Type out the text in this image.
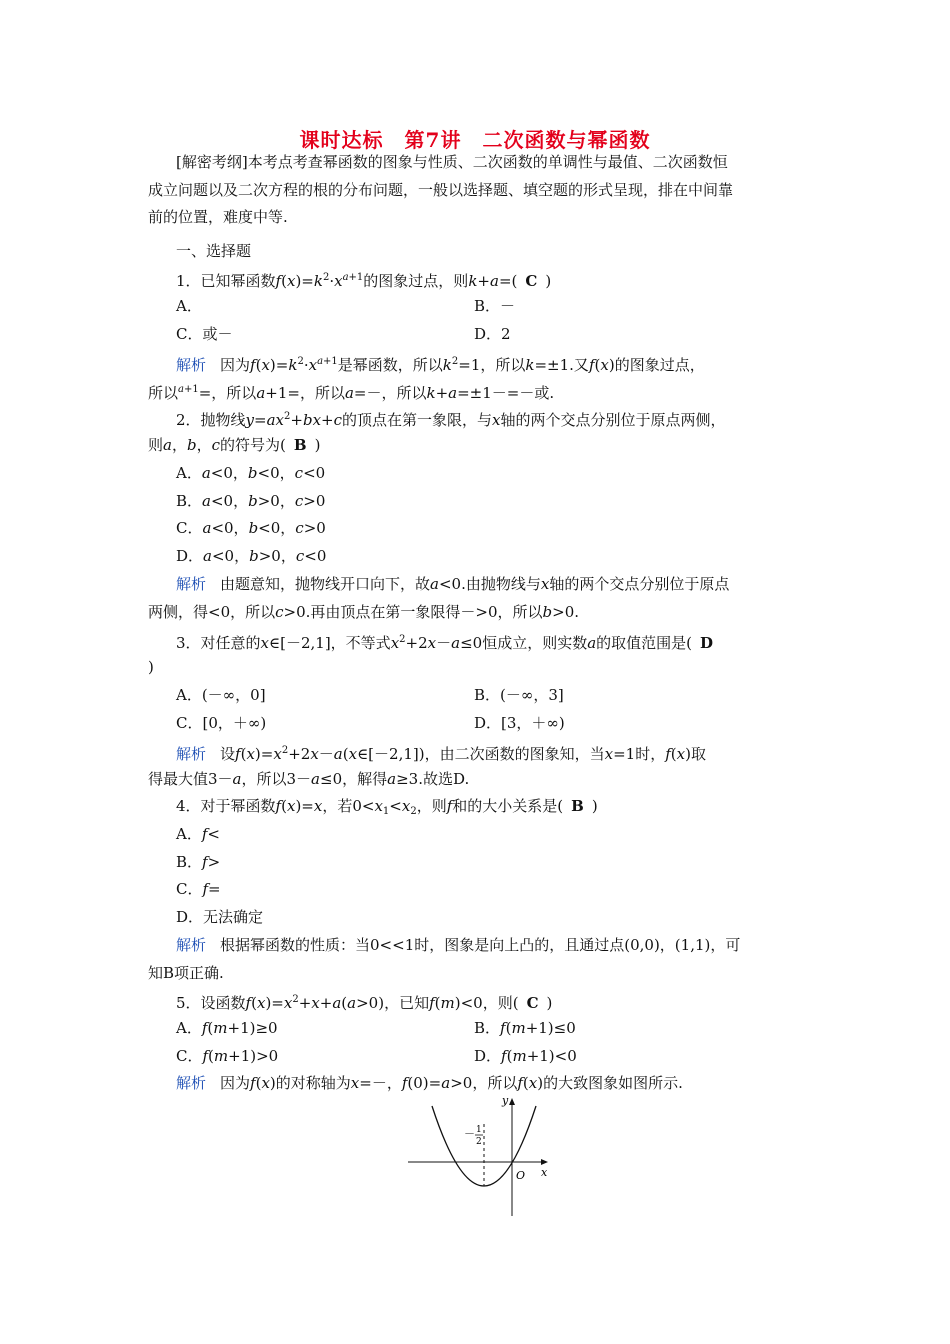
课时达标　第7讲　二次函数与幂函数
[解密考纲]本考点考查幂函数的图象与性质、二次函数的单调性与最值、二次函数恒
成立问题以及二次方程的根的分布问题，一般以选择题、填空题的形式呈现，排在中间靠
前的位置，难度中等.
一、选择题
1．已知幂函数$f(x)=k^2\cdot x^{a+1}$的图象过点，则k+a=( C )
A．	B．－
C．或－	D．2
解析 因为$f(x)=k^2\cdot x^{a+1}$是幂函数，所以$k^2=1$，所以k=±1.又f(x)的图象过点，
所以$^{a+1}$=，所以a+1=，所以a=－，所以k+a=±1－=－或.
2．抛物线$y=ax^2+bx+c$的顶点在第一象限，与x轴的两个交点分别位于原点两侧，
则a，b，c的符号为( B )
A．a<0，b<0，c<0
B．a<0，b>0，c>0
C．a<0，b<0，c>0
D．a<0，b>0，c<0
解析 由题意知，抛物线开口向下，故a<0.由抛物线与x轴的两个交点分别位于原点
两侧，得<0，所以c>0.再由顶点在第一象限得－>0，所以b>0.
3．对任意的x∈[－2,1]，不等式$x^2+2x-a\le 0$恒成立，则实数a的取值范围是( D
)
A．(－∞，0]	B．(－∞，3]
C．[0，＋∞)	D．[3，＋∞)
解析 设$f(x)=x^2+2x-a(x\in[-2,1])$，由二次函数的图象知，当x=1时，f(x)取
得最大值3－a，所以3－a≤0，解得a≥3.故选D.
4．对于幂函数f(x)=x，若$0<x_1<x_2$，则f和的大小关系是( B )
A．f<
B．f>
C．f=
D．无法确定
解析 根据幂函数的性质：当0<<1时，图象是向上凸的，且通过点(0,0)，(1,1)，可
知B项正确.
5．设函数$f(x)=x^2+x+a(a>0)$，已知f(m)<0，则( C )
A．f(m+1)≥0	B．f(m+1)≤0
C．f(m+1)>0	D．f(m+1)<0
解析 因为f(x)的对称轴为x=－，f(0)=a>0，所以f(x)的大致图象如图所示.
y
x
O
－ 1
2
